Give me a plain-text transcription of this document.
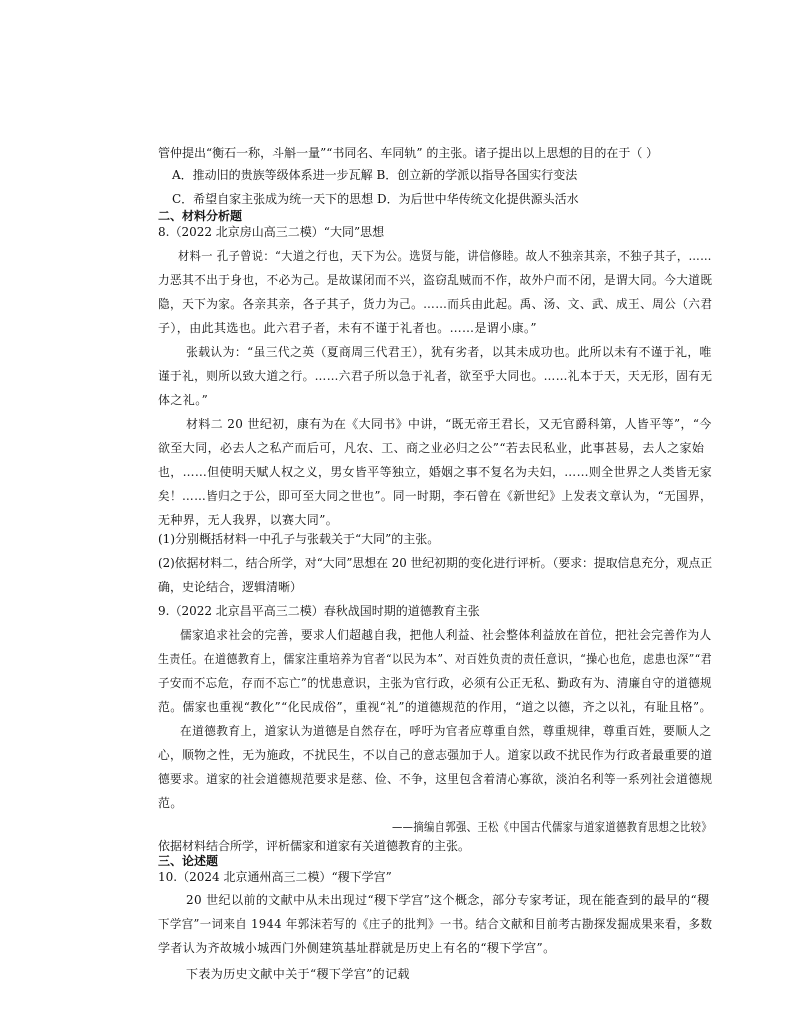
管仲提出“衡石一称，斗斛一量”“书同名、车同轨” 的主张。诸子提出以上思想的目的在于（ ）
A．推动旧的贵族等级体系进一步瓦解 B．创立新的学派以指导各国实行变法
C．希望自家主张成为统一天下的思想 D．为后世中华传统文化提供源头活水
二、材料分析题
8.（2022 北京房山高三二模）“大同”思想
材料一 孔子曾说：“大道之行也，天下为公。选贤与能，讲信修睦。故人不独亲其亲，不独子其子，……
力恶其不出于身也，不必为己。是故谋闭而不兴，盗窃乱贼而不作，故外户而不闭，是谓大同。今大道既
隐，天下为家。各亲其亲，各子其子，货力为己。……而兵由此起。禹、汤、文、武、成王、周公（六君
子），由此其选也。此六君子者，未有不谨于礼者也。……是谓小康。”
张载认为：“虽三代之英（夏商周三代君王），犹有劣者，以其未成功也。此所以未有不谨于礼，唯
谨于礼，则所以致大道之行。……六君子所以急于礼者，欲至乎大同也。……礼本于天，天无形，固有无
体之礼。”
材料二 20 世纪初，康有为在《大同书》中讲，“既无帝王君长，又无官爵科第，人皆平等”，“今
欲至大同，必去人之私产而后可，凡农、工、商之业必归之公”“若去民私业，此事甚易，去人之家始
也，……但使明天赋人权之义，男女皆平等独立，婚姻之事不复名为夫妇，……则全世界之人类皆无家
矣！……皆归之于公，即可至大同之世也”。同一时期，李石曾在《新世纪》上发表文章认为，“无国界，
无种界，无人我界，以赛大同”。
(1)分别概括材料一中孔子与张载关于“大同”的主张。
(2)依据材料二，结合所学，对“大同”思想在 20 世纪初期的变化进行评析。（要求：提取信息充分，观点正
确，史论结合，逻辑清晰）
9.（2022 北京昌平高三二模）春秋战国时期的道德教育主张
儒家追求社会的完善，要求人们超越自我，把他人利益、社会整体利益放在首位，把社会完善作为人
生责任。在道德教育上，儒家注重培养为官者“以民为本”、对百姓负责的责任意识，“操心也危，虑患也深”“君
子安而不忘危，存而不忘亡”的忧患意识，主张为官行政，必须有公正无私、勤政有为、清廉自守的道德规
范。儒家也重视“教化”“化民成俗”，重视“礼”的道德规范的作用，“道之以德，齐之以礼，有耻且格”。
在道德教育上，道家认为道德是自然存在，呼吁为官者应尊重自然，尊重规律，尊重百姓，要顺人之
心，顺物之性，无为施政，不扰民生，不以自己的意志强加于人。道家以政不扰民作为行政者最重要的道
德要求。道家的社会道德规范要求是慈、俭、不争，这里包含着清心寡欲，淡泊名利等一系列社会道德规
范。
——摘编自郭强、王松《中国古代儒家与道家道德教育思想之比较》
依据材料结合所学，评析儒家和道家有关道德教育的主张。
三、论述题
10.（2024 北京通州高三二模）“稷下学宫”
20 世纪以前的文献中从未出现过“稷下学宫”这个概念，部分专家考证，现在能查到的最早的“稷
下学宫”一词来自 1944 年郭沫若写的《庄子的批判》一书。结合文献和目前考古勘探发掘成果来看，多数
学者认为齐故城小城西门外侧建筑基址群就是历史上有名的“稷下学宫”。
下表为历史文献中关于“稷下学宫”的记载
